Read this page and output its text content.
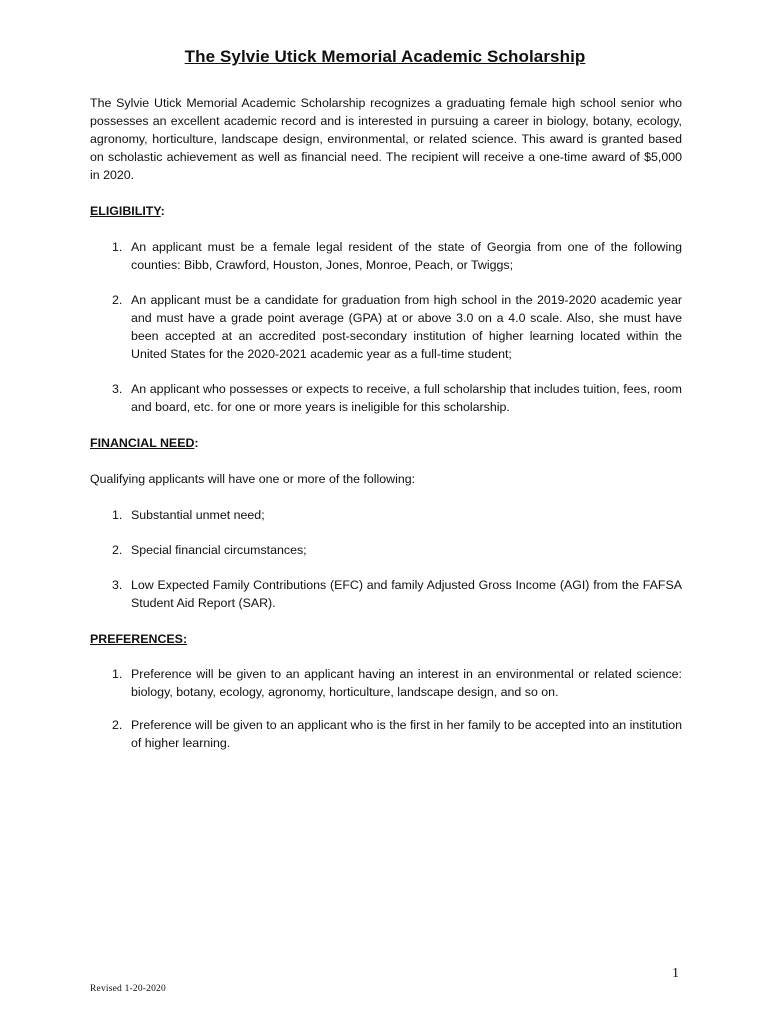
The Sylvie Utick Memorial Academic Scholarship

The Sylvie Utick Memorial Academic Scholarship recognizes a graduating female high school senior who possesses an excellent academic record and is interested in pursuing a career in biology, botany, ecology, agronomy, horticulture, landscape design, environmental, or related science. This award is granted based on scholastic achievement as well as financial need. The recipient will receive a one-time award of $5,000 in 2020.

ELIGIBILITY:
1. An applicant must be a female legal resident of the state of Georgia from one of the following counties: Bibb, Crawford, Houston, Jones, Monroe, Peach, or Twiggs;
2. An applicant must be a candidate for graduation from high school in the 2019-2020 academic year and must have a grade point average (GPA) at or above 3.0 on a 4.0 scale. Also, she must have been accepted at an accredited post-secondary institution of higher learning located within the United States for the 2020-2021 academic year as a full-time student;
3. An applicant who possesses or expects to receive, a full scholarship that includes tuition, fees, room and board, etc. for one or more years is ineligible for this scholarship.
FINANCIAL NEED:

Qualifying applicants will have one or more of the following:

1. Substantial unmet need;
2. Special financial circumstances;
3. Low Expected Family Contributions (EFC) and family Adjusted Gross Income (AGI) from the FAFSA Student Aid Report (SAR).
PREFERENCES:
1. Preference will be given to an applicant having an interest in an environmental or related science: biology, botany, ecology, agronomy, horticulture, landscape design, and so on.
2. Preference will be given to an applicant who is the first in her family to be accepted into an institution of higher learning.
1
Revised 1-20-2020
